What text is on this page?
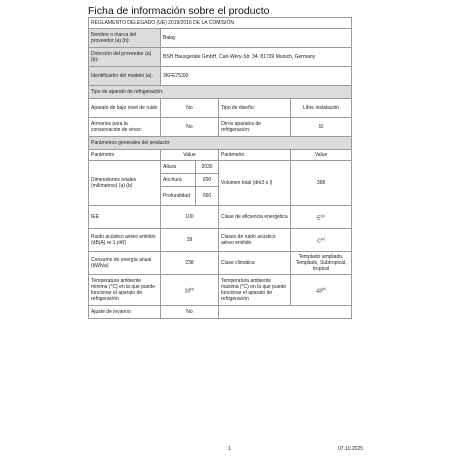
Ficha de información sobre el producto
REGLAMENTO DELEGADO (UE) 2019/2016 DE LA COMISIÓN				
Nombre o marca del proveedor (a) (b):	Balay			
Dirección del proveedor (a) (b):	BSH Hausgeräte GmbH, Carl-Wery-Str. 34, 81739 Munich, Germany			
Identificador del modelo (a):	3KFE753XI			
Tipo de aparato de refrigeración:				
Aparato de bajo nivel de ruido	No		Tipo de diseño:	Libre instalación
Armarios para la conservación de vinos:	No		Otros aparatos de refrigeración:	Sí
Parámetros generales del producto:				
Parámetro	Value		Parámetro	Value
Dimensiones totales (milímetros) (a) (b)	Altura	2030	Volumen total (dm3 o l)	368
	Anchura	600		
	Profundidad	660		
IEE	100		Clase de eficiencia energética	E$^{(c)}$
Ruido acústico aéreo emitido (dB(A) re 1 pW)	39		Clases de ruido acústico aéreo emitido	C$^{(c)}$
Consumo de energía anual (kWh/a)	238		Clase climática	Templado ampliado, Templado, Subtropical, tropical
Temperatura ambiente mínima (°C) en la que puede funcionar el aparato de refrigeración	10$^{(c)}$		Temperatura ambiente máxima (°C) en la que puede funcionar el aparato de refrigeración	43$^{(c)}$
Ajuste de invierno	No			
1	07.10.2025
